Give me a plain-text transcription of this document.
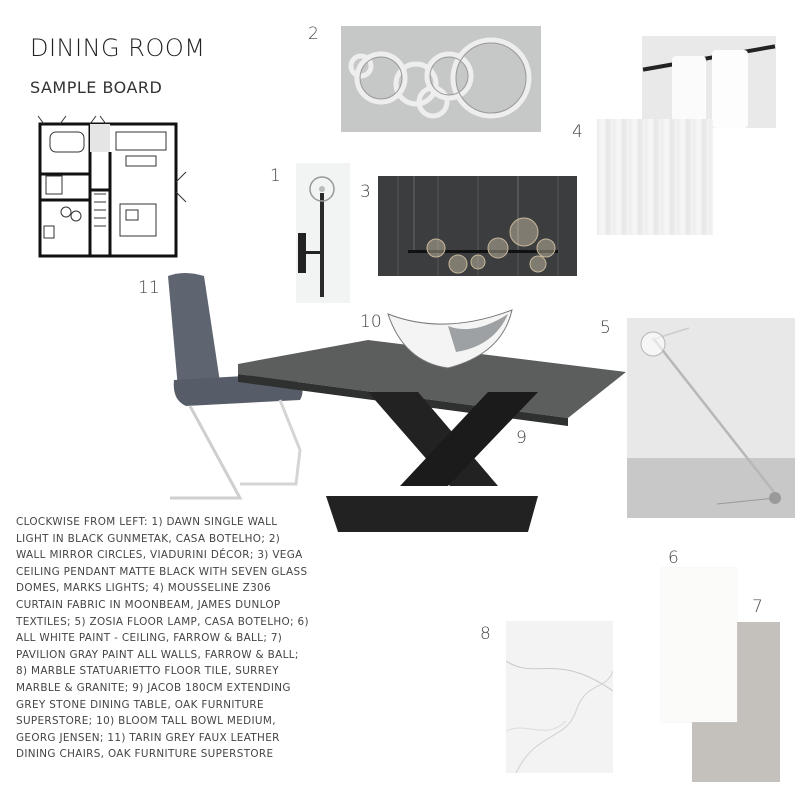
DINING ROOM
SAMPLE BOARD
1
2
3
4
5
6
7
8
11
9
10
CLOCKWISE FROM LEFT: 1) DAWN SINGLE WALL LIGHT IN BLACK GUNMETAK, CASA BOTELHO; 2) WALL MIRROR CIRCLES, VIADURINI DÉCOR; 3) VEGA CEILING PENDANT MATTE BLACK WITH SEVEN GLASS DOMES, MARKS LIGHTS; 4) MOUSSELINE Z306 CURTAIN FABRIC IN MOONBEAM, JAMES DUNLOP TEXTILES; 5) ZOSIA FLOOR LAMP, CASA BOTELHO; 6) ALL WHITE PAINT - CEILING, FARROW & BALL; 7) PAVILION GRAY PAINT ALL WALLS, FARROW & BALL; 8) MARBLE STATUARIETTO FLOOR TILE, SURREY MARBLE & GRANITE; 9) JACOB 180CM EXTENDING GREY STONE DINING TABLE, OAK FURNITURE SUPERSTORE; 10) BLOOM TALL BOWL MEDIUM, GEORG JENSEN; 11) TARIN GREY FAUX LEATHER DINING CHAIRS, OAK FURNITURE SUPERSTORE
